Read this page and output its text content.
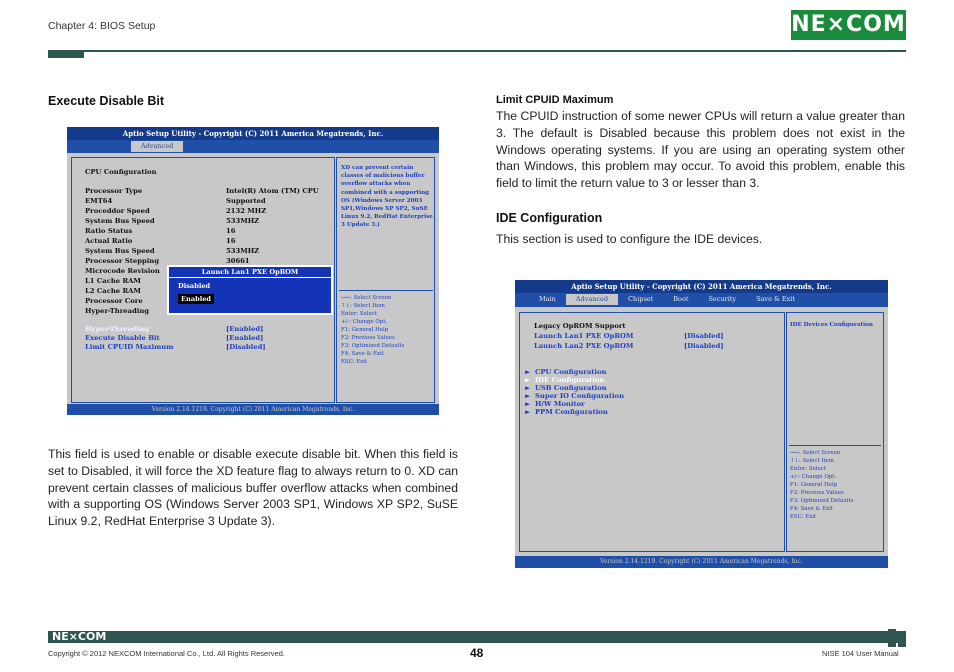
Chapter 4: BIOS Setup	NE×COM
Execute Disable Bit
Aptio Setup Utility - Copyright (C) 2011 America Megatrends, Inc.
Advanced
CPU Configuration
Processor Type	Intel(R) Atom (TM) CPU
EMT64	Supported
Proceddor Speed	2132 MHZ
System Bus Speed	533MHZ
Ratio Status	16
Actual Ratio	16
System Bus Speed	533MHZ
Processor Stepping	30661
Microcode Revision
L1 Cache RAM
L2 Cache RAM
Processor Core
Hyper-Threading
Hyper-Threading	[Enabled]
Execute Disable Bit	[Enabled]
Limit CPUID Maximum	[Disabled]
XD can prevent certain classes of malicious buffer overflow attacks when combined with a supporting OS (Windows Server 2003 SP1,Windows XP SP2, SuSE Linux 9.2, RedHat Enterprise 3 Update 3.)
→←: Select Screen
↑↓: Select Item
Enter: Select
+/-: Change Opt.
F1: General Help
F2: Previous Values
F3: Optimized Defaults
F4: Save & Exit
ESC: Exit
Launch Lan1 PXE OpROM
Disabled
Enabled
Version 2.14.1219. Copyright (C) 2011 American Megatrends, Inc.
This field is used to enable or disable execute disable bit. When this field is set to Disabled, it will force the XD feature flag to always return to 0. XD can prevent certain classes of malicious buffer overflow attacks when combined with a supporting OS (Windows Server 2003 SP1, Windows XP SP2, SuSE Linux 9.2, RedHat Enterprise 3 Update 3).
Limit CPUID Maximum
The CPUID instruction of some newer CPUs will return a value greater than 3. The default is Disabled because this problem does not exist in the Windows operating systems. If you are using an operating system other than Windows, this problem may occur. To avoid this problem, enable this field to limit the return value to 3 or lesser than 3.
IDE Configuration
This section is used to configure the IDE devices.
Aptio Setup Utility - Copyright (C) 2011 America Megatrends, Inc.
Main	Advanced	Chipset	Boot	Security	Save & Exit
Legacy OpROM Support
Launch Lan1 PXE OpROM	[Disabled]
Launch Lan2 PXE OpROM	[Disabled]
►  CPU Configuration
►  IDE Configuration
►  USB Configuration
►  Super IO Configuration
►  H/W Monitor
►  PPM Configuration
IDE Devices Configuration
→←: Select Screen
↑↓: Select Item
Enter: Select
+/-: Change Opt.
F1: General Help
F2: Previous Values
F3: Optimized Defaults
F4: Save & Exit
ESC: Exit
Version 2.14.1219. Copyright (C) 2011 American Megatrends, Inc.
NE×COM
Copyright © 2012 NEXCOM International Co., Ltd. All Rights Reserved.	48	NISE 104 User Manual
